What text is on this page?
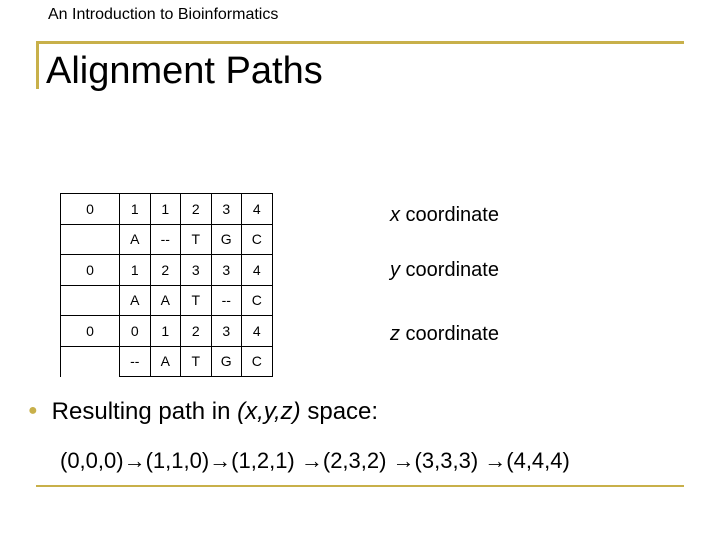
An Introduction to Bioinformatics
Alignment Paths
0	1	1	2	3	4
	A	--	T	G	C
0	1	2	3	3	4
	A	A	T	--	C
0	0	1	2	3	4
	--	A	T	G	C
x coordinate
y coordinate
z coordinate
● Resulting path in (x,y,z) space:
(0,0,0)→(1,1,0)→(1,2,1) →(2,3,2) →(3,3,3) →(4,4,4)
